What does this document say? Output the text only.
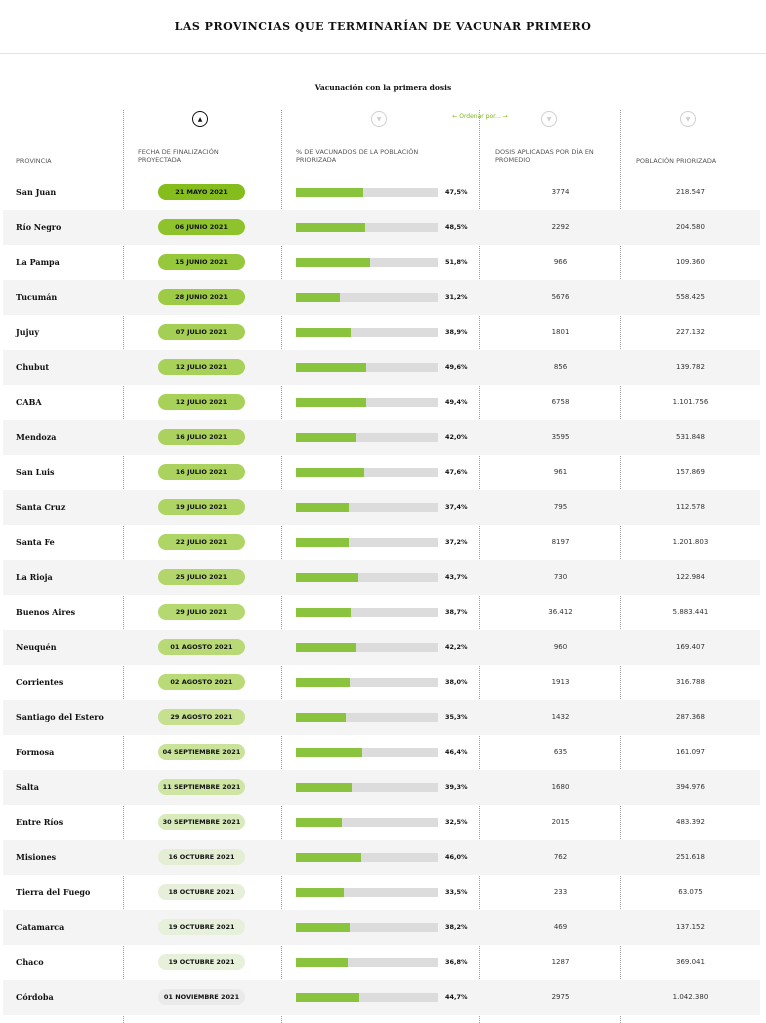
LAS PROVINCIAS QUE TERMINARÍAN DE VACUNAR PRIMERO
Vacunación con la primera dosis
▲	▼	← Ordenar por... →	▼	▼
PROVINCIA
FECHA DE FINALIZACIÓN PROYECTADA
% DE VACUNADOS DE LA POBLACIÓN PRIORIZADA
DOSIS APLICADAS POR DÍA EN PROMEDIO	POBLACIÓN PRIORIZADA
San Juan	21 MAYO 2021	47,5%	3774	218.547
Río Negro	06 JUNIO 2021	48,5%	2292	204.580
La Pampa	15 JUNIO 2021	51,8%	966	109.360
Tucumán	28 JUNIO 2021	31,2%	5676	558.425
Jujuy	07 JULIO 2021	38,9%	1801	227.132
Chubut	12 JULIO 2021	49,6%	856	139.782
CABA	12 JULIO 2021	49,4%	6758	1.101.756
Mendoza	16 JULIO 2021	42,0%	3595	531.848
San Luis	16 JULIO 2021	47,6%	961	157.869
Santa Cruz	19 JULIO 2021	37,4%	795	112.578
Santa Fe	22 JULIO 2021	37,2%	8197	1.201.803
La Rioja	25 JULIO 2021	43,7%	730	122.984
Buenos Aires	29 JULIO 2021	38,7%	36.412	5.883.441
Neuquén	01 AGOSTO 2021	42,2%	960	169.407
Corrientes	02 AGOSTO 2021	38,0%	1913	316.788
Santiago del Estero	29 AGOSTO 2021	35,3%	1432	287.368
Formosa	04 SEPTIEMBRE 2021	46,4%	635	161.097
Salta	11 SEPTIEMBRE 2021	39,3%	1680	394.976
Entre Ríos	30 SEPTIEMBRE 2021	32,5%	2015	483.392
Misiones	16 OCTUBRE 2021	46,0%	762	251.618
Tierra del Fuego	18 OCTUBRE 2021	33,5%	233	63.075
Catamarca	19 OCTUBRE 2021	38,2%	469	137.152
Chaco	19 OCTUBRE 2021	36,8%	1287	369.041
Córdoba	01 NOVIEMBRE 2021	44,7%	2975	1.042.380
